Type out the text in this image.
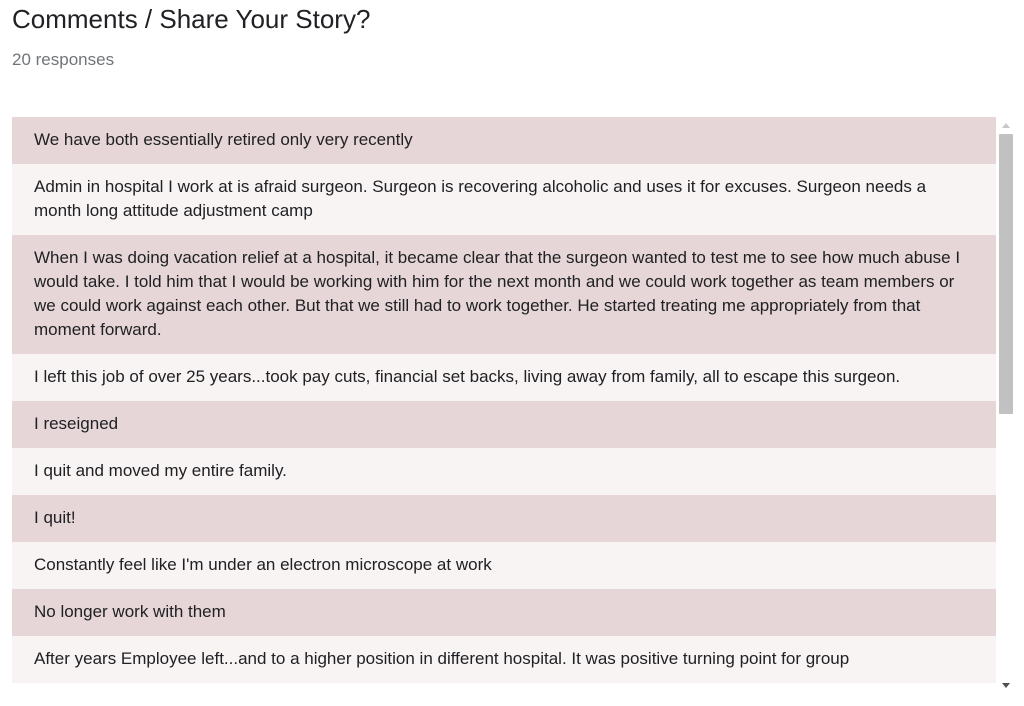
Comments / Share Your Story?
20 responses
We have both essentially retired only very recently
Admin in hospital I work at is afraid surgeon. Surgeon is recovering alcoholic and uses it for excuses. Surgeon needs a month long attitude adjustment camp
When I was doing vacation relief at a hospital, it became clear that the surgeon wanted to test me to see how much abuse I would take. I told him that I would be working with him for the next month and we could work together as team members or we could work against each other. But that we still had to work together. He started treating me appropriately from that moment forward.
I left this job of over 25 years...took pay cuts, financial set backs, living away from family, all to escape this surgeon.
I reseigned
I quit and moved my entire family.
I quit!
Constantly feel like I'm under an electron microscope at work
No longer work with them
After years Employee left...and to a higher position in different hospital. It was positive turning point for group
